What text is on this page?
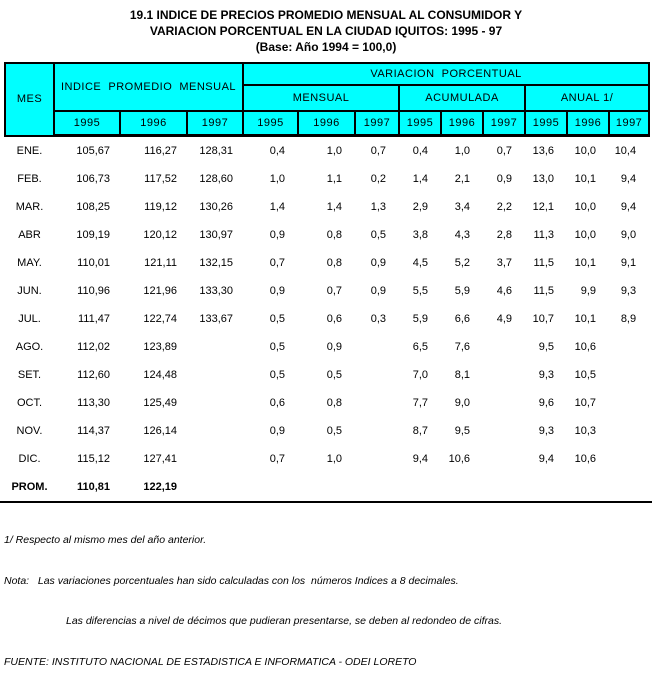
19.1 INDICE DE PRECIOS PROMEDIO MENSUAL AL CONSUMIDOR Y
VARIACION PORCENTUAL EN LA CIUDAD IQUITOS: 1995 - 97
(Base: Año 1994 = 100,0)
MES	INDICE  PROMEDIO  MENSUAL			VARIACION  PORCENTUAL								
				MENSUAL			ACUMULADA			ANUAL 1/		
	1995	1996	1997	1995	1996	1997	1995	1996	1997	1995	1996	1997
ENE.	105,67	116,27	128,31	0,4	1,0	0,7	0,4	1,0	0,7	13,6	10,0	10,4
FEB.	106,73	117,52	128,60	1,0	1,1	0,2	1,4	2,1	0,9	13,0	10,1	9,4
MAR.	108,25	119,12	130,26	1,4	1,4	1,3	2,9	3,4	2,2	12,1	10,0	9,4
ABR	109,19	120,12	130,97	0,9	0,8	0,5	3,8	4,3	2,8	11,3	10,0	9,0
MAY.	110,01	121,11	132,15	0,7	0,8	0,9	4,5	5,2	3,7	11,5	10,1	9,1
JUN.	110,96	121,96	133,30	0,9	0,7	0,9	5,5	5,9	4,6	11,5	9,9	9,3
JUL.	111,47	122,74	133,67	0,5	0,6	0,3	5,9	6,6	4,9	10,7	10,1	8,9
AGO.	112,02	123,89		0,5	0,9		6,5	7,6		9,5	10,6	
SET.	112,60	124,48		0,5	0,5		7,0	8,1		9,3	10,5	
OCT.	113,30	125,49		0,6	0,8		7,7	9,0		9,6	10,7	
NOV.	114,37	126,14		0,9	0,5		8,7	9,5		9,3	10,3	
DIC.	115,12	127,41		0,7	1,0		9,4	10,6		9,4	10,6	
PROM.	110,81	122,19										

1/ Respecto al mismo mes del año anterior.

Nota:   Las variaciones porcentuales han sido calculadas con los  números Indices a 8 decimales.

Las diferencias a nivel de décimos que pudieran presentarse, se deben al redondeo de cifras.

FUENTE: INSTITUTO NACIONAL DE ESTADISTICA E INFORMATICA - ODEI LORETO
